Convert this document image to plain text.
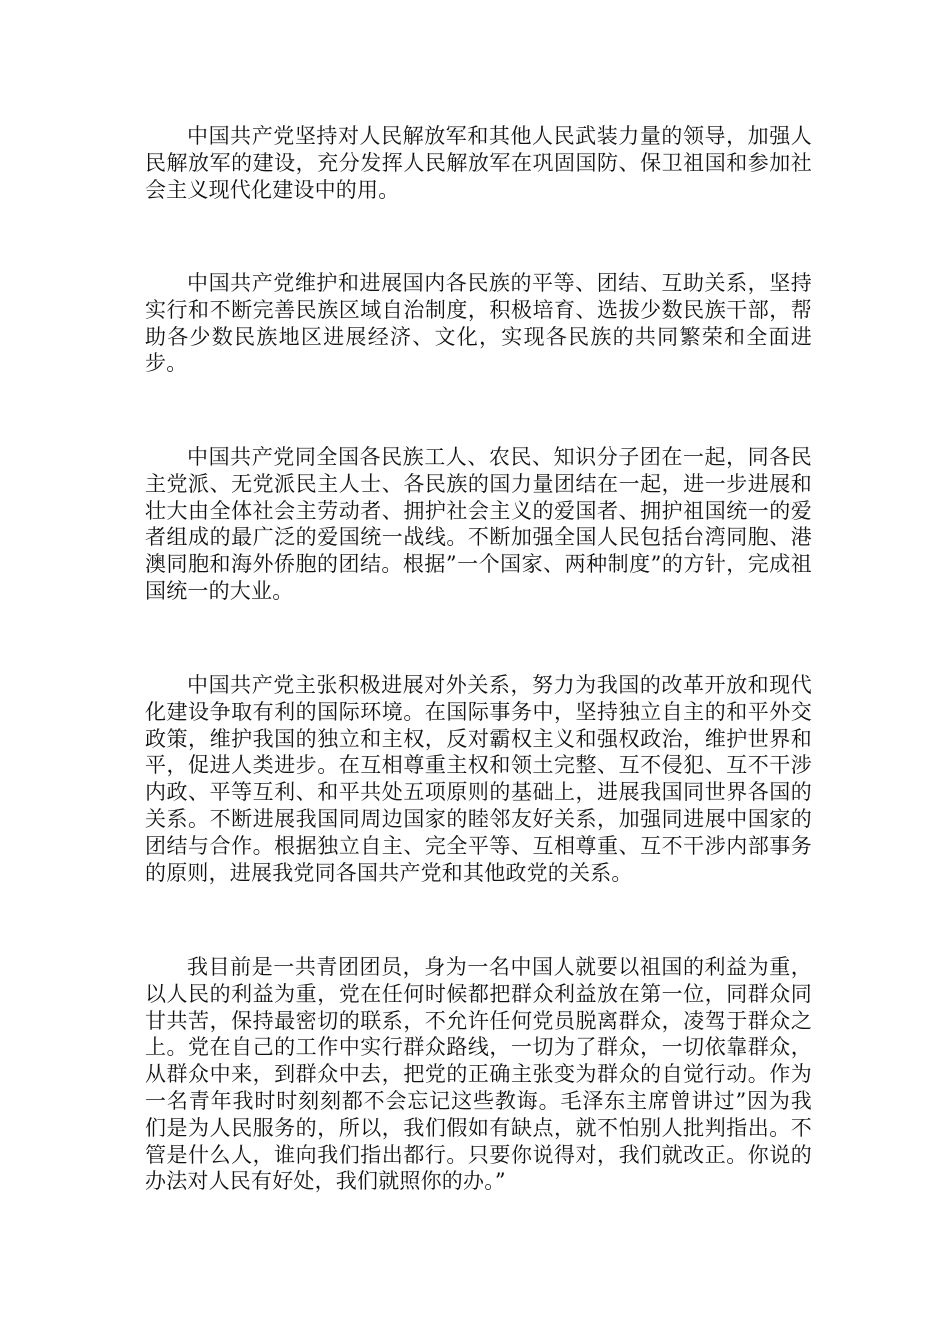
中国共产党坚持对人民解放军和其他人民武装力量的领导，加强人民解放军的建设，充分发挥人民解放军在巩固国防、保卫祖国和参加社会主义现代化建设中的用。

中国共产党维护和进展国内各民族的平等、团结、互助关系，坚持实行和不断完善民族区域自治制度，积极培育、选拔少数民族干部，帮助各少数民族地区进展经济、文化，实现各民族的共同繁荣和全面进步。

中国共产党同全国各民族工人、农民、知识分子团在一起，同各民主党派、无党派民主人士、各民族的国力量团结在一起，进一步进展和壮大由全体社会主劳动者、拥护社会主义的爱国者、拥护祖国统一的爱者组成的最广泛的爱国统一战线。不断加强全国人民包括台湾同胞、港澳同胞和海外侨胞的团结。根据”一个国家、两种制度”的方针，完成祖国统一的大业。

中国共产党主张积极进展对外关系，努力为我国的改革开放和现代化建设争取有利的国际环境。在国际事务中，坚持独立自主的和平外交政策，维护我国的独立和主权，反对霸权主义和强权政治，维护世界和平，促进人类进步。在互相尊重主权和领土完整、互不侵犯、互不干涉内政、平等互利、和平共处五项原则的基础上，进展我国同世界各国的关系。不断进展我国同周边国家的睦邻友好关系，加强同进展中国家的团结与合作。根据独立自主、完全平等、互相尊重、互不干涉内部事务的原则，进展我党同各国共产党和其他政党的关系。

我目前是一共青团团员，身为一名中国人就要以祖国的利益为重，以人民的利益为重，党在任何时候都把群众利益放在第一位，同群众同甘共苦，保持最密切的联系，不允许任何党员脱离群众，凌驾于群众之上。党在自己的工作中实行群众路线，一切为了群众，一切依靠群众，从群众中来，到群众中去，把党的正确主张变为群众的自觉行动。作为一名青年我时时刻刻都不会忘记这些教诲。毛泽东主席曾讲过”因为我们是为人民服务的，所以，我们假如有缺点，就不怕别人批判指出。不管是什么人，谁向我们指出都行。只要你说得对，我们就改正。你说的办法对人民有好处，我们就照你的办。”
